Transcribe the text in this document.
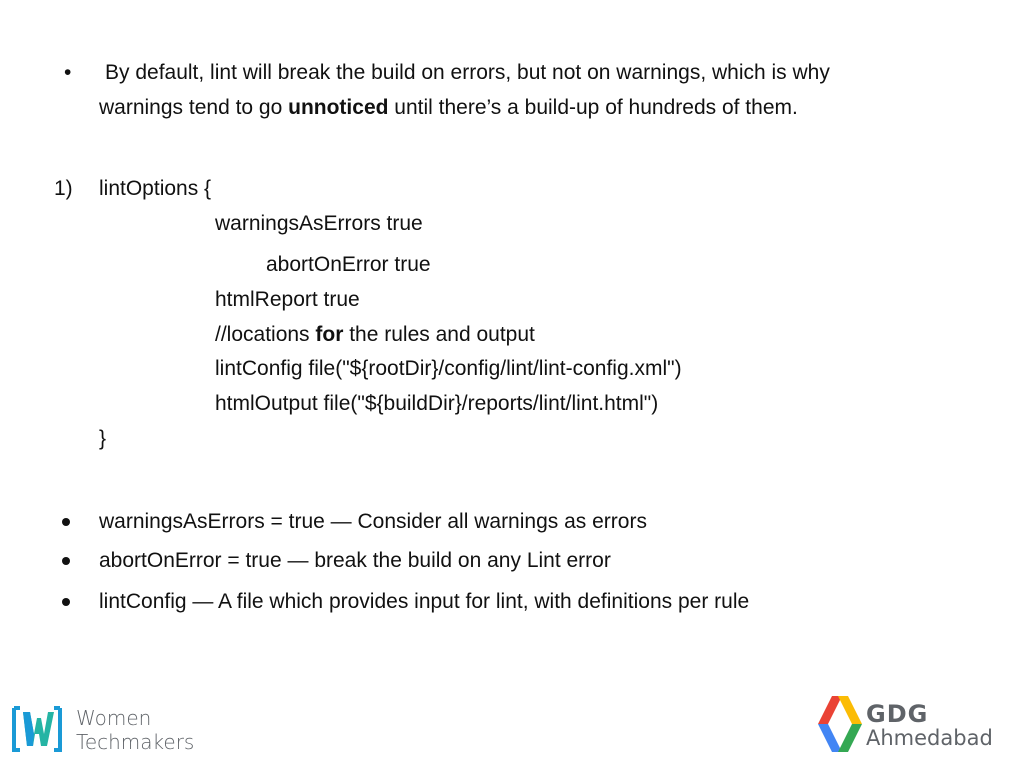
• By default, lint will break the build on errors, but not on warnings, which is why
warnings tend to go unnoticed until there’s a build-up of hundreds of them.
1) lintOptions {
warningsAsErrors true
abortOnError true
htmlReport true
//locations for the rules and output
lintConfig file("${rootDir}/config/lint/lint-config.xml")
htmlOutput file("${buildDir}/reports/lint/lint.html")
}
warningsAsErrors = true — Consider all warnings as errors
abortOnError = true — break the build on any Lint error
lintConfig — A file which provides input for lint, with definitions per rule
Women
Techmakers
GDG
Ahmedabad
